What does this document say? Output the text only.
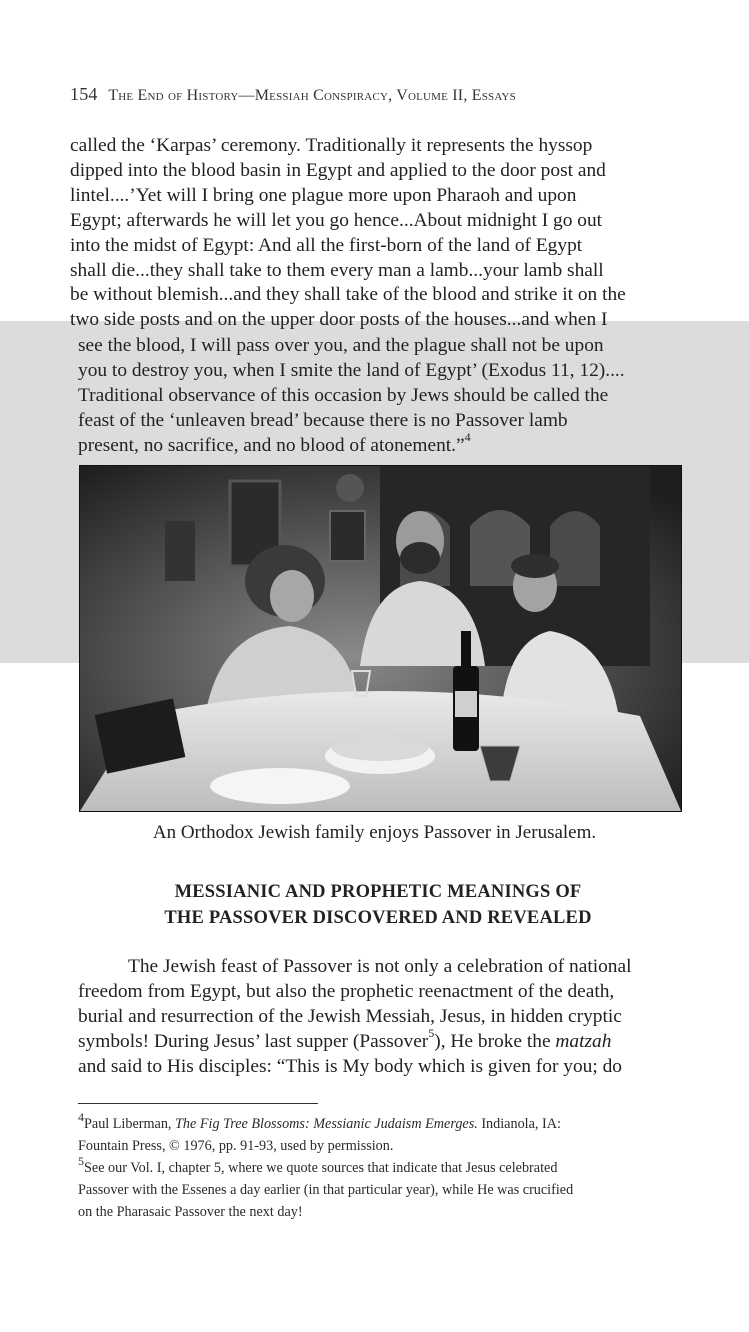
154 The End of History—Messiah Conspiracy, Volume II, Essays
called the ‘Karpas’ ceremony. Traditionally it represents the hyssop
dipped into the blood basin in Egypt and applied to the door post and
lintel....’Yet will I bring one plague more upon Pharaoh and upon
Egypt; afterwards he will let you go hence...About midnight I go out
into the midst of Egypt: And all the first-born of the land of Egypt
shall die...they shall take to them every man a lamb...your lamb shall
be without blemish...and they shall take of the blood and strike it on the
two side posts and on the upper door posts of the houses...and when I
see the blood, I will pass over you, and the plague shall not be upon
you to destroy you, when I smite the land of Egypt’ (Exodus 11, 12)....
Traditional observance of this occasion by Jews should be called the
feast of the ‘unleaven bread’ because there is no Passover lamb
present, no sacrifice, and no blood of atonement.”$^4$
An Orthodox Jewish family enjoys Passover in Jerusalem.
MESSIANIC AND PROPHETIC MEANINGS OF
THE PASSOVER DISCOVERED AND REVEALED
The Jewish feast of Passover is not only a celebration of national
freedom from Egypt, but also the prophetic reenactment of the death,
burial and resurrection of the Jewish Messiah, Jesus, in hidden cryptic
symbols! During Jesus’ last supper (Passover$^5$), He broke the matzah
and said to His disciples: “This is My body which is given for you; do
$^4$Paul Liberman, The Fig Tree Blossoms: Messianic Judaism Emerges. Indianola, IA:
Fountain Press, © 1976, pp. 91-93, used by permission.
$^5$See our Vol. I, chapter 5, where we quote sources that indicate that Jesus celebrated
Passover with the Essenes a day earlier (in that particular year), while He was crucified
on the Pharasaic Passover the next day!
